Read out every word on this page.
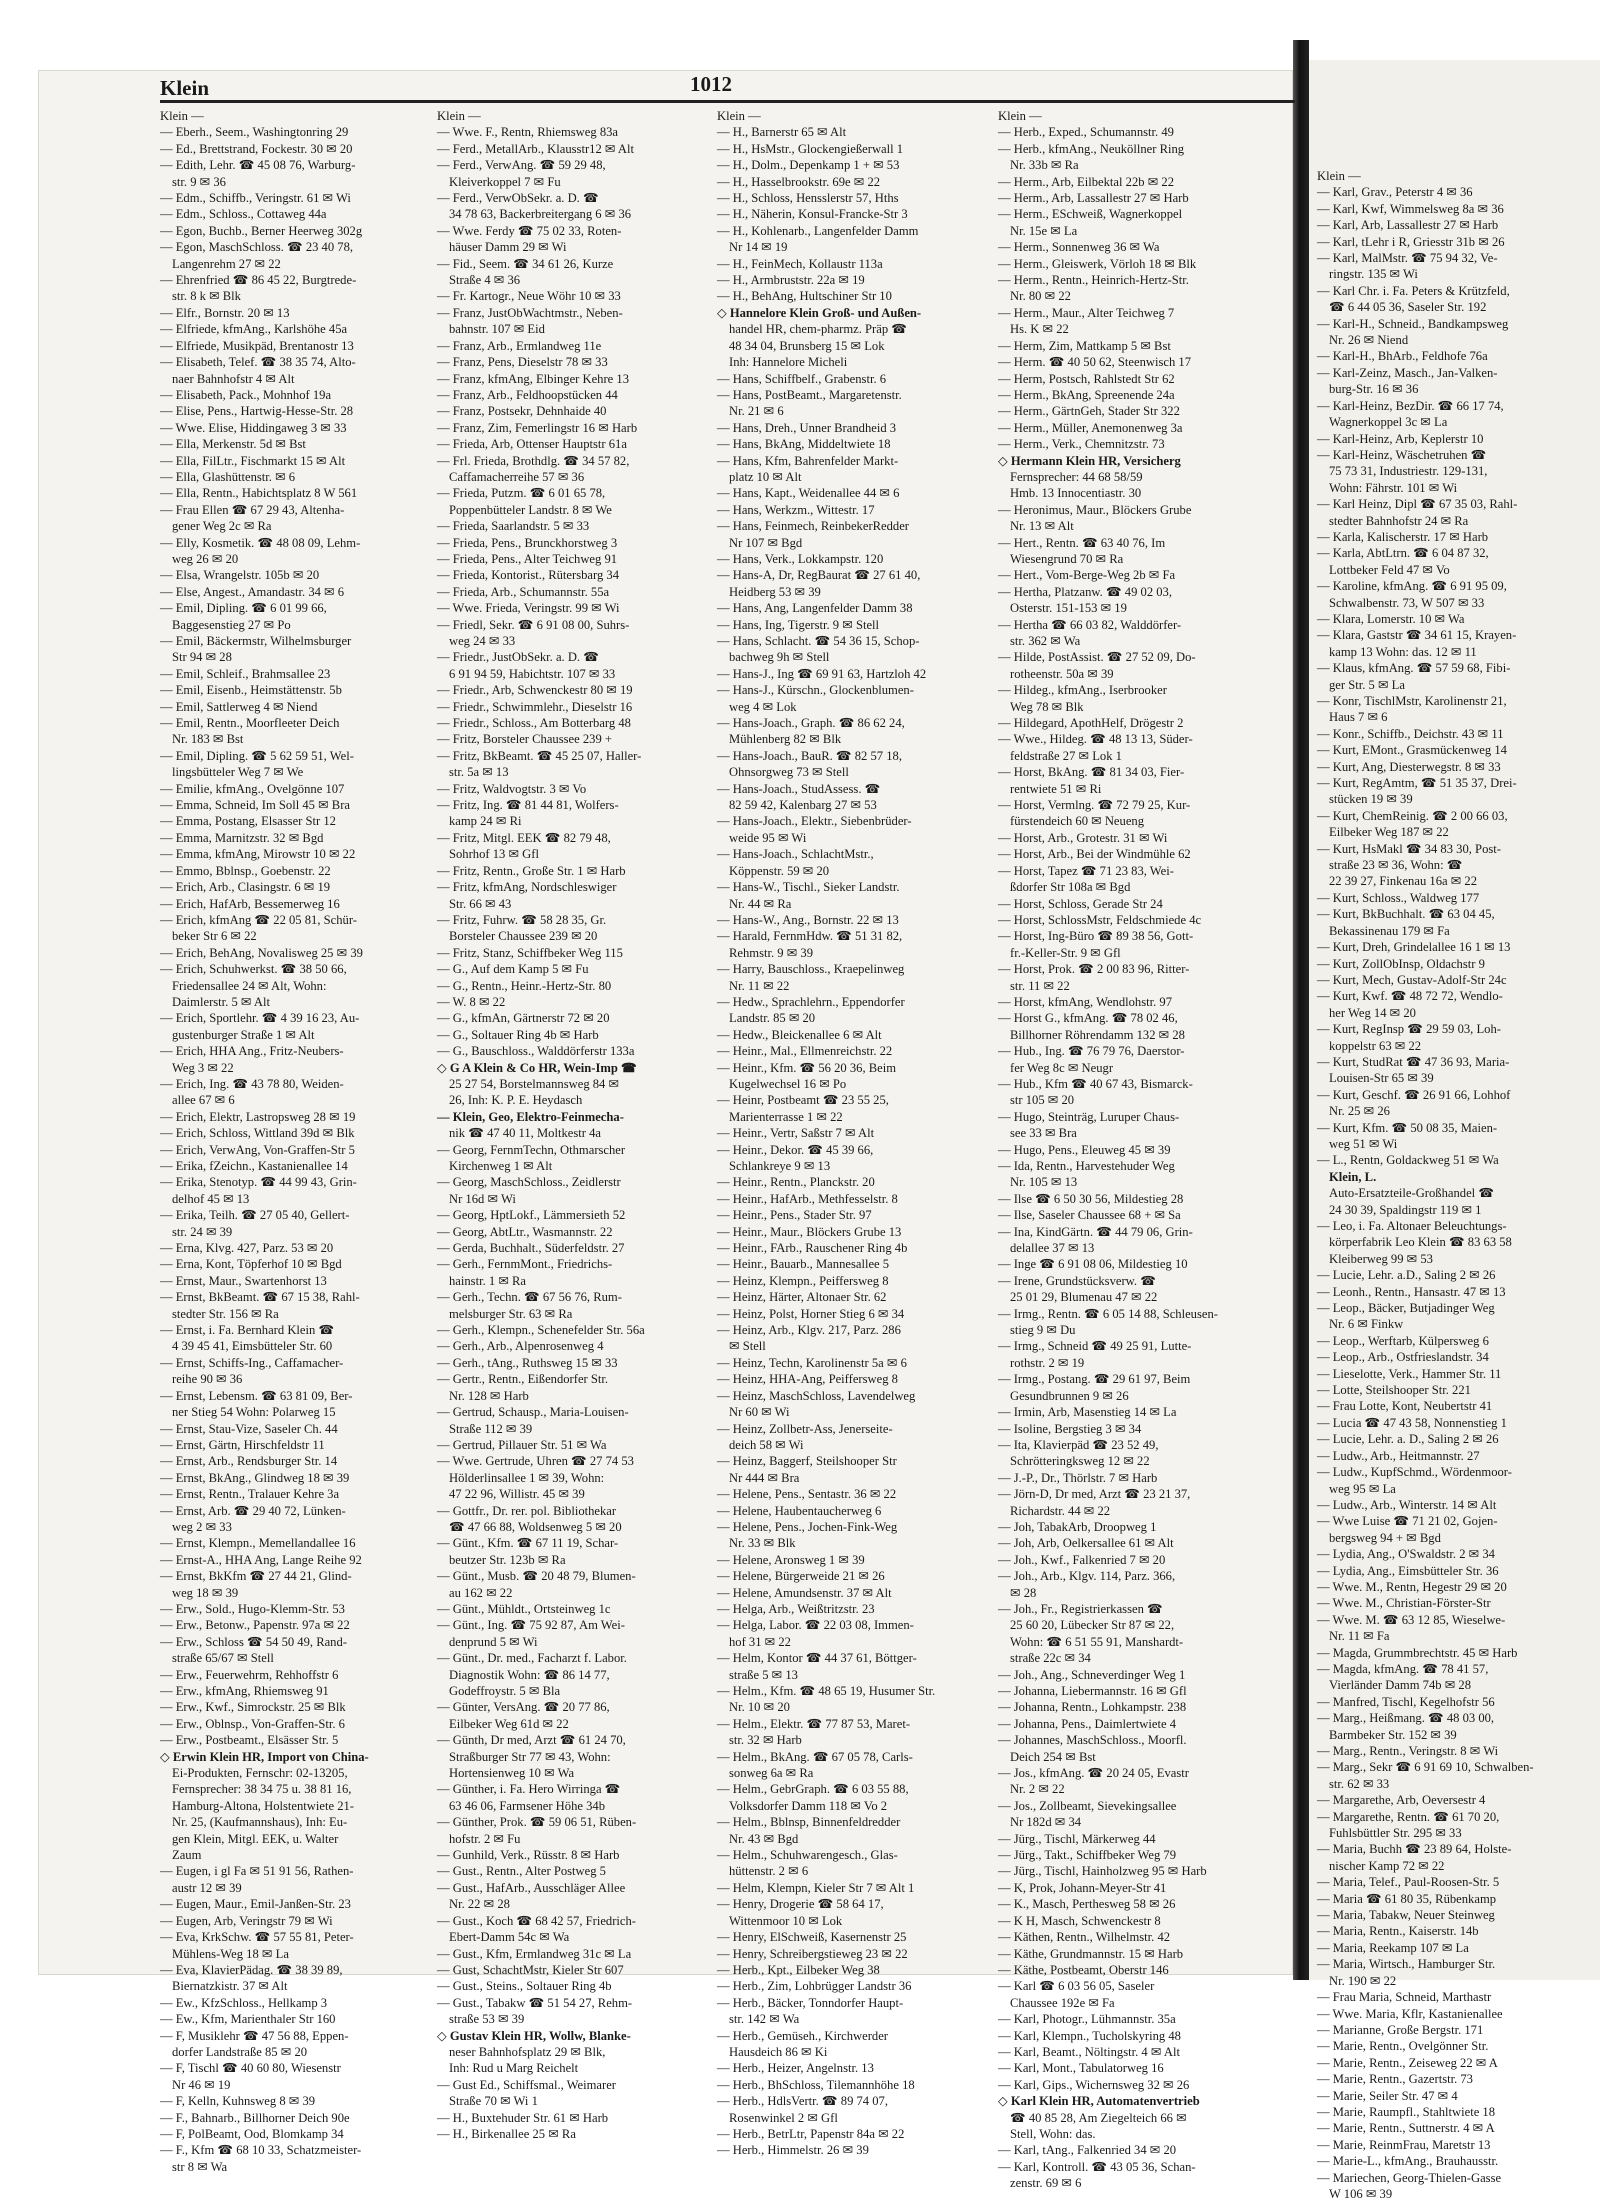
Klein —
— Karl, Grav., Peterstr 4 ✉ 36
— Karl, Kwf, Wimmelsweg 8a ✉ 36
— Karl, Arb, Lassallestr 27 ✉ Harb
— Karl, tLehr i R, Griesstr 31b ✉ 26
— Karl, MalMstr. ☎ 75 94 32, Ve-
ringstr. 135 ✉ Wi
— Karl Chr. i. Fa. Peters & Krützfeld,
☎ 6 44 05 36, Saseler Str. 192
— Karl-H., Schneid., Bandkampsweg
Nr. 26 ✉ Niend
— Karl-H., BhArb., Feldhofe 76a
— Karl-Zeinz, Masch., Jan-Valken-
burg-Str. 16 ✉ 36
— Karl-Heinz, BezDir. ☎ 66 17 74,
Wagnerkoppel 3c ✉ La
— Karl-Heinz, Arb, Keplerstr 10
— Karl-Heinz, Wäschetruhen ☎
75 73 31, Industriestr. 129-131,
Wohn: Fährstr. 101 ✉ Wi
— Karl Heinz, Dipl ☎ 67 35 03, Rahl-
stedter Bahnhofstr 24 ✉ Ra
— Karla, Kalischerstr. 17 ✉ Harb
— Karla, AbtLtrn. ☎ 6 04 87 32,
Lottbeker Feld 47 ✉ Vo
— Karoline, kfmAng. ☎ 6 91 95 09,
Schwalbenstr. 73, W 507 ✉ 33
— Klara, Lomerstr. 10 ✉ Wa
— Klara, Gaststr ☎ 34 61 15, Krayen-
kamp 13 Wohn: das. 12 ✉ 11
— Klaus, kfmAng. ☎ 57 59 68, Fibi-
ger Str. 5 ✉ La
— Konr, TischlMstr, Karolinenstr 21,
Haus 7 ✉ 6
— Konr., Schiffb., Deichstr. 43 ✉ 11
— Kurt, EMont., Grasmückenweg 14
— Kurt, Ang, Diesterwegstr. 8 ✉ 33
— Kurt, RegAmtm, ☎ 51 35 37, Drei-
stücken 19 ✉ 39
— Kurt, ChemReinig. ☎ 2 00 66 03,
Eilbeker Weg 187 ✉ 22
— Kurt, HsMakl ☎ 34 83 30, Post-
straße 23 ✉ 36, Wohn: ☎
22 39 27, Finkenau 16a ✉ 22
— Kurt, Schloss., Waldweg 177
— Kurt, BkBuchhalt. ☎ 63 04 45,
Bekassinenau 179 ✉ Fa
— Kurt, Dreh, Grindelallee 16 1 ✉ 13
— Kurt, ZollObInsp, Oldachstr 9
— Kurt, Mech, Gustav-Adolf-Str 24c
— Kurt, Kwf. ☎ 48 72 72, Wendlo-
her Weg 14 ✉ 20
— Kurt, RegInsp ☎ 29 59 03, Loh-
koppelstr 63 ✉ 22
— Kurt, StudRat ☎ 47 36 93, Maria-
Louisen-Str 65 ✉ 39
— Kurt, Geschf. ☎ 26 91 66, Lohhof
Nr. 25 ✉ 26
— Kurt, Kfm. ☎ 50 08 35, Maien-
weg 51 ✉ Wi
— L., Rentn, Goldackweg 51 ✉ Wa
Klein, L.
Auto-Ersatzteile-Großhandel ☎
24 30 39, Spaldingstr 119 ✉ 1
— Leo, i. Fa. Altonaer Beleuchtungs-
körperfabrik Leo Klein ☎ 83 63 58
Kleiberweg 99 ✉ 53
— Lucie, Lehr. a.D., Saling 2 ✉ 26
— Leonh., Rentn., Hansastr. 47 ✉ 13
— Leop., Bäcker, Butjadinger Weg
Nr. 6 ✉ Finkw
— Leop., Werftarb, Külpersweg 6
— Leop., Arb., Ostfrieslandstr. 34
— Lieselotte, Verk., Hammer Str. 11
— Lotte, Steilshooper Str. 221
— Frau Lotte, Kont, Neubertstr 41
— Lucia ☎ 47 43 58, Nonnenstieg 1
— Lucie, Lehr. a. D., Saling 2 ✉ 26
— Ludw., Arb., Heitmannstr. 27
— Ludw., KupfSchmd., Wördenmoor-
weg 95 ✉ La
— Ludw., Arb., Winterstr. 14 ✉ Alt
— Wwe Luise ☎ 71 21 02, Gojen-
bergsweg 94 + ✉ Bgd
— Lydia, Ang., O'Swaldstr. 2 ✉ 34
— Lydia, Ang., Eimsbütteler Str. 36
— Wwe. M., Rentn, Hegestr 29 ✉ 20
— Wwe. M., Christian-Förster-Str
— Wwe. M. ☎ 63 12 85, Wieselwe-
Nr. 11 ✉ Fa
— Magda, Grummbrechtstr. 45 ✉ Harb
— Magda, kfmAng. ☎ 78 41 57,
Vierländer Damm 74b ✉ 28
— Manfred, Tischl, Kegelhofstr 56
— Marg., Heißmang. ☎ 48 03 00,
Barmbeker Str. 152 ✉ 39
— Marg., Rentn., Veringstr. 8 ✉ Wi
— Marg., Sekr ☎ 6 91 69 10, Schwalben-
str. 62 ✉ 33
— Margarethe, Arb, Oeversestr 4
— Margarethe, Rentn. ☎ 61 70 20,
Fuhlsbüttler Str. 295 ✉ 33
— Maria, Buchh ☎ 23 89 64, Holste-
nischer Kamp 72 ✉ 22
— Maria, Telef., Paul-Roosen-Str. 5
— Maria ☎ 61 80 35, Rübenkamp
— Maria, Tabakw, Neuer Steinweg
— Maria, Rentn., Kaiserstr. 14b
— Maria, Reekamp 107 ✉ La
— Maria, Wirtsch., Hamburger Str.
Nr. 190 ✉ 22
— Frau Maria, Schneid, Marthastr
— Wwe. Maria, Kflr, Kastanienallee
— Marianne, Große Bergstr. 171
— Marie, Rentn., Ovelgönner Str.
— Marie, Rentn., Zeiseweg 22 ✉ A
— Marie, Rentn., Gazertstr. 73
— Marie, Seiler Str. 47 ✉ 4
— Marie, Raumpfl., Stahltwiete 18
— Marie, Rentn., Suttnerstr. 4 ✉ A
— Marie, ReinmFrau, Maretstr 13
— Marie-L., kfmAng., Brauhausstr.
— Mariechen, Georg-Thielen-Gasse
W 106 ✉ 39
Klein	1012
Klein —
— Eberh., Seem., Washingtonring 29
— Ed., Brettstrand, Fockestr. 30 ✉ 20
— Edith, Lehr. ☎ 45 08 76, Warburg-
str. 9 ✉ 36
— Edm., Schiffb., Veringstr. 61 ✉ Wi
— Edm., Schloss., Cottaweg 44a
— Egon, Buchb., Berner Heerweg 302g
— Egon, MaschSchloss. ☎ 23 40 78,
Langenrehm 27 ✉ 22
— Ehrenfried ☎ 86 45 22, Burgtrede-
str. 8 k ✉ Blk
— Elfr., Bornstr. 20 ✉ 13
— Elfriede, kfmAng., Karlshöhe 45a
— Elfriede, Musikpäd, Brentanostr 13
— Elisabeth, Telef. ☎ 38 35 74, Alto-
naer Bahnhofstr 4 ✉ Alt
— Elisabeth, Pack., Mohnhof 19a
— Elise, Pens., Hartwig-Hesse-Str. 28
— Wwe. Elise, Hiddingaweg 3 ✉ 33
— Ella, Merkenstr. 5d ✉ Bst
— Ella, FilLtr., Fischmarkt 15 ✉ Alt
— Ella, Glashüttenstr. ✉ 6
— Ella, Rentn., Habichtsplatz 8 W 561
— Frau Ellen ☎ 67 29 43, Altenha-
gener Weg 2c ✉ Ra
— Elly, Kosmetik. ☎ 48 08 09, Lehm-
weg 26 ✉ 20
— Elsa, Wrangelstr. 105b ✉ 20
— Else, Angest., Amandastr. 34 ✉ 6
— Emil, Dipling. ☎ 6 01 99 66,
Baggesenstieg 27 ✉ Po
— Emil, Bäckermstr, Wilhelmsburger
Str 94 ✉ 28
— Emil, Schleif., Brahmsallee 23
— Emil, Eisenb., Heimstättenstr. 5b
— Emil, Sattlerweg 4 ✉ Niend
— Emil, Rentn., Moorfleeter Deich
Nr. 183 ✉ Bst
— Emil, Dipling. ☎ 5 62 59 51, Wel-
lingsbütteler Weg 7 ✉ We
— Emilie, kfmAng., Ovelgönne 107
— Emma, Schneid, Im Soll 45 ✉ Bra
— Emma, Postang, Elsasser Str 12
— Emma, Marnitzstr. 32 ✉ Bgd
— Emma, kfmAng, Mirowstr 10 ✉ 22
— Emmo, Bblnsp., Goebenstr. 22
— Erich, Arb., Clasingstr. 6 ✉ 19
— Erich, HafArb, Bessemerweg 16
— Erich, kfmAng ☎ 22 05 81, Schür-
beker Str 6 ✉ 22
— Erich, BehAng, Novalisweg 25 ✉ 39
— Erich, Schuhwerkst. ☎ 38 50 66,
Friedensallee 24 ✉ Alt, Wohn:
Daimlerstr. 5 ✉ Alt
— Erich, Sportlehr. ☎ 4 39 16 23, Au-
gustenburger Straße 1 ✉ Alt
— Erich, HHA Ang., Fritz-Neubers-
Weg 3 ✉ 22
— Erich, Ing. ☎ 43 78 80, Weiden-
allee 67 ✉ 6
— Erich, Elektr, Lastropsweg 28 ✉ 19
— Erich, Schloss, Wittland 39d ✉ Blk
— Erich, VerwAng, Von-Graffen-Str 5
— Erika, fZeichn., Kastanienallee 14
— Erika, Stenotyp. ☎ 44 99 43, Grin-
delhof 45 ✉ 13
— Erika, Teilh. ☎ 27 05 40, Gellert-
str. 24 ✉ 39
— Erna, Klvg. 427, Parz. 53 ✉ 20
— Erna, Kont, Töpferhof 10 ✉ Bgd
— Ernst, Maur., Swartenhorst 13
— Ernst, BkBeamt. ☎ 67 15 38, Rahl-
stedter Str. 156 ✉ Ra
— Ernst, i. Fa. Bernhard Klein ☎
4 39 45 41, Eimsbütteler Str. 60
— Ernst, Schiffs-Ing., Caffamacher-
reihe 90 ✉ 36
— Ernst, Lebensm. ☎ 63 81 09, Ber-
ner Stieg 54 Wohn: Polarweg 15
— Ernst, Stau-Vize, Saseler Ch. 44
— Ernst, Gärtn, Hirschfeldstr 11
— Ernst, Arb., Rendsburger Str. 14
— Ernst, BkAng., Glindweg 18 ✉ 39
— Ernst, Rentn., Tralauer Kehre 3a
— Ernst, Arb. ☎ 29 40 72, Lünken-
weg 2 ✉ 33
— Ernst, Klempn., Memellandallee 16
— Ernst-A., HHA Ang, Lange Reihe 92
— Ernst, BkKfm ☎ 27 44 21, Glind-
weg 18 ✉ 39
— Erw., Sold., Hugo-Klemm-Str. 53
— Erw., Betonw., Papenstr. 97a ✉ 22
— Erw., Schloss ☎ 54 50 49, Rand-
straße 65/67 ✉ Stell
— Erw., Feuerwehrm, Rehhoffstr 6
— Erw., kfmAng, Rhiemsweg 91
— Erw., Kwf., Simrockstr. 25 ✉ Blk
— Erw., Oblnsp., Von-Graffen-Str. 6
— Erw., Postbeamt., Elsässer Str. 5
◇ Erwin Klein HR, Import von China-
Ei-Produkten, Fernschr: 02-13205,
Fernsprecher: 38 34 75 u. 38 81 16,
Hamburg-Altona, Holstentwiete 21-
Nr. 25, (Kaufmannshaus), Inh: Eu-
gen Klein, Mitgl. EEK, u. Walter
Zaum
— Eugen, i gl Fa ✉ 51 91 56, Rathen-
austr 12 ✉ 39
— Eugen, Maur., Emil-Janßen-Str. 23
— Eugen, Arb, Veringstr 79 ✉ Wi
— Eva, KrkSchw. ☎ 57 55 81, Peter-
Mühlens-Weg 18 ✉ La
— Eva, KlavierPädag. ☎ 38 39 89,
Biernatzkistr. 37 ✉ Alt
— Ew., KfzSchloss., Hellkamp 3
— Ew., Kfm, Marienthaler Str 160
— F, Musiklehr ☎ 47 56 88, Eppen-
dorfer Landstraße 85 ✉ 20
— F, Tischl ☎ 40 60 80, Wiesenstr
Nr 46 ✉ 19
— F, Kelln, Kuhnsweg 8 ✉ 39
— F., Bahnarb., Billhorner Deich 90e
— F, PolBeamt, Ood, Blomkamp 34
— F., Kfm ☎ 68 10 33, Schatzmeister-
str 8 ✉ Wa
Klein —
— Wwe. F., Rentn, Rhiemsweg 83a
— Ferd., MetallArb., Klausstr12 ✉ Alt
— Ferd., VerwAng. ☎ 59 29 48,
Kleiverkoppel 7 ✉ Fu
— Ferd., VerwObSekr. a. D. ☎
34 78 63, Backerbreitergang 6 ✉ 36
— Wwe. Ferdy ☎ 75 02 33, Roten-
häuser Damm 29 ✉ Wi
— Fid., Seem. ☎ 34 61 26, Kurze
Straße 4 ✉ 36
— Fr. Kartogr., Neue Wöhr 10 ✉ 33
— Franz, JustObWachtmstr., Neben-
bahnstr. 107 ✉ Eid
— Franz, Arb., Ermlandweg 11e
— Franz, Pens, Dieselstr 78 ✉ 33
— Franz, kfmAng, Elbinger Kehre 13
— Franz, Arb., Feldhoopstücken 44
— Franz, Postsekr, Dehnhaide 40
— Franz, Zim, Femerlingstr 16 ✉ Harb
— Frieda, Arb, Ottenser Hauptstr 61a
— Frl. Frieda, Brothdlg. ☎ 34 57 82,
Caffamacherreihe 57 ✉ 36
— Frieda, Putzm. ☎ 6 01 65 78,
Poppenbütteler Landstr. 8 ✉ We
— Frieda, Saarlandstr. 5 ✉ 33
— Frieda, Pens., Brunckhorstweg 3
— Frieda, Pens., Alter Teichweg 91
— Frieda, Kontorist., Rütersbarg 34
— Frieda, Arb., Schumannstr. 55a
— Wwe. Frieda, Veringstr. 99 ✉ Wi
— Friedl, Sekr. ☎ 6 91 08 00, Suhrs-
weg 24 ✉ 33
— Friedr., JustObSekr. a. D. ☎
6 91 94 59, Habichtstr. 107 ✉ 33
— Friedr., Arb, Schwenckestr 80 ✉ 19
— Friedr., Schwimmlehr., Dieselstr 16
— Friedr., Schloss., Am Botterbarg 48
— Fritz, Borsteler Chaussee 239 +
— Fritz, BkBeamt. ☎ 45 25 07, Haller-
str. 5a ✉ 13
— Fritz, Waldvogtstr. 3 ✉ Vo
— Fritz, Ing. ☎ 81 44 81, Wolfers-
kamp 24 ✉ Ri
— Fritz, Mitgl. EEK ☎ 82 79 48,
Sohrhof 13 ✉ Gfl
— Fritz, Rentn., Große Str. 1 ✉ Harb
— Fritz, kfmAng, Nordschleswiger
Str. 66 ✉ 43
— Fritz, Fuhrw. ☎ 58 28 35, Gr.
Borsteler Chaussee 239 ✉ 20
— Fritz, Stanz, Schiffbeker Weg 115
— G., Auf dem Kamp 5 ✉ Fu
— G., Rentn., Heinr.-Hertz-Str. 80
— W. 8 ✉ 22
— G., kfmAn, Gärtnerstr 72 ✉ 20
— G., Soltauer Ring 4b ✉ Harb
— G., Bauschloss., Walddörferstr 133a
◇ G A Klein & Co HR, Wein-Imp ☎
25 27 54, Borstelmannsweg 84 ✉
26, Inh: K. P. E. Heydasch
— Klein, Geo, Elektro-Feinmecha-
nik ☎ 47 40 11, Moltkestr 4a
— Georg, FernmTechn, Othmarscher
Kirchenweg 1 ✉ Alt
— Georg, MaschSchloss., Zeidlerstr
Nr 16d ✉ Wi
— Georg, HptLokf., Lämmersieth 52
— Georg, AbtLtr., Wasmannstr. 22
— Gerda, Buchhalt., Süderfeldstr. 27
— Gerh., FernmMont., Friedrichs-
hainstr. 1 ✉ Ra
— Gerh., Techn. ☎ 67 56 76, Rum-
melsburger Str. 63 ✉ Ra
— Gerh., Klempn., Schenefelder Str. 56a
— Gerh., Arb., Alpenrosenweg 4
— Gerh., tAng., Ruthsweg 15 ✉ 33
— Gertr., Rentn., Eißendorfer Str.
Nr. 128 ✉ Harb
— Gertrud, Schausp., Maria-Louisen-
Straße 112 ✉ 39
— Gertrud, Pillauer Str. 51 ✉ Wa
— Wwe. Gertrude, Uhren ☎ 27 74 53
Hölderlinsallee 1 ✉ 39, Wohn:
47 22 96, Willistr. 45 ✉ 39
— Gottfr., Dr. rer. pol. Bibliothekar
☎ 47 66 88, Woldsenweg 5 ✉ 20
— Günt., Kfm. ☎ 67 11 19, Schar-
beutzer Str. 123b ✉ Ra
— Günt., Musb. ☎ 20 48 79, Blumen-
au 162 ✉ 22
— Günt., Mühldt., Ortsteinweg 1c
— Günt., Ing. ☎ 75 92 87, Am Wei-
denprund 5 ✉ Wi
— Günt., Dr. med., Facharzt f. Labor.
Diagnostik Wohn: ☎ 86 14 77,
Godeffroystr. 5 ✉ Bla
— Günter, VersAng. ☎ 20 77 86,
Eilbeker Weg 61d ✉ 22
— Günth, Dr med, Arzt ☎ 61 24 70,
Straßburger Str 77 ✉ 43, Wohn:
Hortensienweg 10 ✉ Wa
— Günther, i. Fa. Hero Wirringa ☎
63 46 06, Farmsener Höhe 34b
— Günther, Prok. ☎ 59 06 51, Rüben-
hofstr. 2 ✉ Fu
— Gunhild, Verk., Rüsstr. 8 ✉ Harb
— Gust., Rentn., Alter Postweg 5
— Gust., HafArb., Ausschläger Allee
Nr. 22 ✉ 28
— Gust., Koch ☎ 68 42 57, Friedrich-
Ebert-Damm 54c ✉ Wa
— Gust., Kfm, Ermlandweg 31c ✉ La
— Gust, SchachtMstr, Kieler Str 607
— Gust., Steins., Soltauer Ring 4b
— Gust., Tabakw ☎ 51 54 27, Rehm-
straße 53 ✉ 39
◇ Gustav Klein HR, Wollw, Blanke-
neser Bahnhofsplatz 29 ✉ Blk,
Inh: Rud u Marg Reichelt
— Gust Ed., Schiffsmal., Weimarer
Straße 70 ✉ Wi 1
— H., Buxtehuder Str. 61 ✉ Harb
— H., Birkenallee 25 ✉ Ra
Klein —
— H., Barnerstr 65 ✉ Alt
— H., HsMstr., Glockengießerwall 1
— H., Dolm., Depenkamp 1 + ✉ 53
— H., Hasselbrookstr. 69e ✉ 22
— H., Schloss, Hensslerstr 57, Hths
— H., Näherin, Konsul-Francke-Str 3
— H., Kohlenarb., Langenfelder Damm
Nr 14 ✉ 19
— H., FeinMech, Kollaustr 113a
— H., Armbruststr. 22a ✉ 19
— H., BehAng, Hultschiner Str 10
◇ Hannelore Klein Groß- und Außen-
handel HR, chem-pharmz. Präp ☎
48 34 04, Brunsberg 15 ✉ Lok
Inh: Hannelore Micheli
— Hans, Schiffbelf., Grabenstr. 6
— Hans, PostBeamt., Margaretenstr.
Nr. 21 ✉ 6
— Hans, Dreh., Unner Brandheid 3
— Hans, BkAng, Middeltwiete 18
— Hans, Kfm, Bahrenfelder Markt-
platz 10 ✉ Alt
— Hans, Kapt., Weidenallee 44 ✉ 6
— Hans, Werkzm., Wittestr. 17
— Hans, Feinmech, ReinbekerRedder
Nr 107 ✉ Bgd
— Hans, Verk., Lokkampstr. 120
— Hans-A, Dr, RegBaurat ☎ 27 61 40,
Heidberg 53 ✉ 39
— Hans, Ang, Langenfelder Damm 38
— Hans, Ing, Tigerstr. 9 ✉ Stell
— Hans, Schlacht. ☎ 54 36 15, Schop-
bachweg 9h ✉ Stell
— Hans-J., Ing ☎ 69 91 63, Hartzloh 42
— Hans-J., Kürschn., Glockenblumen-
weg 4 ✉ Lok
— Hans-Joach., Graph. ☎ 86 62 24,
Mühlenberg 82 ✉ Blk
— Hans-Joach., BauR. ☎ 82 57 18,
Ohnsorgweg 73 ✉ Stell
— Hans-Joach., StudAssess. ☎
82 59 42, Kalenbarg 27 ✉ 53
— Hans-Joach., Elektr., Siebenbrüder-
weide 95 ✉ Wi
— Hans-Joach., SchlachtMstr.,
Köppenstr. 59 ✉ 20
— Hans-W., Tischl., Sieker Landstr.
Nr. 44 ✉ Ra
— Hans-W., Ang., Bornstr. 22 ✉ 13
— Harald, FernmHdw. ☎ 51 31 82,
Rehmstr. 9 ✉ 39
— Harry, Bauschloss., Kraepelinweg
Nr. 11 ✉ 22
— Hedw., Sprachlehrn., Eppendorfer
Landstr. 85 ✉ 20
— Hedw., Bleickenallee 6 ✉ Alt
— Heinr., Mal., Ellmenreichstr. 22
— Heinr., Kfm. ☎ 56 20 36, Beim
Kugelwechsel 16 ✉ Po
— Heinr, Postbeamt ☎ 23 55 25,
Marienterrasse 1 ✉ 22
— Heinr., Vertr, Saßstr 7 ✉ Alt
— Heinr., Dekor. ☎ 45 39 66,
Schlankreye 9 ✉ 13
— Heinr., Rentn., Planckstr. 20
— Heinr., HafArb., Methfesselstr. 8
— Heinr., Pens., Stader Str. 97
— Heinr., Maur., Blöckers Grube 13
— Heinr., FArb., Rauschener Ring 4b
— Heinr., Bauarb., Mannesallee 5
— Heinz, Klempn., Peiffersweg 8
— Heinz, Härter, Altonaer Str. 62
— Heinz, Polst, Horner Stieg 6 ✉ 34
— Heinz, Arb., Klgv. 217, Parz. 286
✉ Stell
— Heinz, Techn, Karolinenstr 5a ✉ 6
— Heinz, HHA-Ang, Peiffersweg 8
— Heinz, MaschSchloss, Lavendelweg
Nr 60 ✉ Wi
— Heinz, Zollbetr-Ass, Jenerseite-
deich 58 ✉ Wi
— Heinz, Baggerf, Steilshooper Str
Nr 444 ✉ Bra
— Helene, Pens., Sentastr. 36 ✉ 22
— Helene, Haubentaucherweg 6
— Helene, Pens., Jochen-Fink-Weg
Nr. 33 ✉ Blk
— Helene, Aronsweg 1 ✉ 39
— Helene, Bürgerweide 21 ✉ 26
— Helene, Amundsenstr. 37 ✉ Alt
— Helga, Arb., Weißtritzstr. 23
— Helga, Labor. ☎ 22 03 08, Immen-
hof 31 ✉ 22
— Helm, Kontor ☎ 44 37 61, Böttger-
straße 5 ✉ 13
— Helm., Kfm. ☎ 48 65 19, Husumer Str.
Nr. 10 ✉ 20
— Helm., Elektr. ☎ 77 87 53, Maret-
str. 32 ✉ Harb
— Helm., BkAng. ☎ 67 05 78, Carls-
sonweg 6a ✉ Ra
— Helm., GebrGraph. ☎ 6 03 55 88,
Volksdorfer Damm 118 ✉ Vo 2
— Helm., Bblnsp, Binnenfeldredder
Nr. 43 ✉ Bgd
— Helm., Schuhwarengesch., Glas-
hüttenstr. 2 ✉ 6
— Helm, Klempn, Kieler Str 7 ✉ Alt 1
— Henry, Drogerie ☎ 58 64 17,
Wittenmoor 10 ✉ Lok
— Henry, ElSchweiß, Kasernenstr 25
— Henry, Schreibergstieweg 23 ✉ 22
— Herb., Kpt., Eilbeker Weg 38
— Herb., Zim, Lohbrügger Landstr 36
— Herb., Bäcker, Tonndorfer Haupt-
str. 142 ✉ Wa
— Herb., Gemüseh., Kirchwerder
Hausdeich 86 ✉ Ki
— Herb., Heizer, Angelnstr. 13
— Herb., BhSchloss, Tilemannhöhe 18
— Herb., HdlsVertr. ☎ 89 74 07,
Rosenwinkel 2 ✉ Gfl
— Herb., BetrLtr, Papenstr 84a ✉ 22
— Herb., Himmelstr. 26 ✉ 39
Klein —
— Herb., Exped., Schumannstr. 49
— Herb., kfmAng., Neuköllner Ring
Nr. 33b ✉ Ra
— Herm., Arb, Eilbektal 22b ✉ 22
— Herm., Arb, Lassallestr 27 ✉ Harb
— Herm., ESchweiß, Wagnerkoppel
Nr. 15e ✉ La
— Herm., Sonnenweg 36 ✉ Wa
— Herm., Gleiswerk, Vörloh 18 ✉ Blk
— Herm., Rentn., Heinrich-Hertz-Str.
Nr. 80 ✉ 22
— Herm., Maur., Alter Teichweg 7
Hs. K ✉ 22
— Herm, Zim, Mattkamp 5 ✉ Bst
— Herm. ☎ 40 50 62, Steenwisch 17
— Herm, Postsch, Rahlstedt Str 62
— Herm., BkAng, Spreenende 24a
— Herm., GärtnGeh, Stader Str 322
— Herm., Müller, Anemonenweg 3a
— Herm., Verk., Chemnitzstr. 73
◇ Hermann Klein HR, Versicherg
Fernsprecher: 44 68 58/59
Hmb. 13 Innocentiastr. 30
— Heronimus, Maur., Blöckers Grube
Nr. 13 ✉ Alt
— Hert., Rentn. ☎ 63 40 76, Im
Wiesengrund 70 ✉ Ra
— Hert., Vom-Berge-Weg 2b ✉ Fa
— Hertha, Platzanw. ☎ 49 02 03,
Osterstr. 151-153 ✉ 19
— Hertha ☎ 66 03 82, Walddörfer-
str. 362 ✉ Wa
— Hilde, PostAssist. ☎ 27 52 09, Do-
rotheenstr. 50a ✉ 39
— Hildeg., kfmAng., Iserbrooker
Weg 78 ✉ Blk
— Hildegard, ApothHelf, Drögestr 2
— Wwe., Hildeg. ☎ 48 13 13, Süder-
feldstraße 27 ✉ Lok 1
— Horst, BkAng. ☎ 81 34 03, Fier-
rentwiete 51 ✉ Ri
— Horst, Vermlng. ☎ 72 79 25, Kur-
fürstendeich 60 ✉ Neueng
— Horst, Arb., Grotestr. 31 ✉ Wi
— Horst, Arb., Bei der Windmühle 62
— Horst, Tapez ☎ 71 23 83, Wei-
ßdorfer Str 108a ✉ Bgd
— Horst, Schloss, Gerade Str 24
— Horst, SchlossMstr, Feldschmiede 4c
— Horst, Ing-Büro ☎ 89 38 56, Gott-
fr.-Keller-Str. 9 ✉ Gfl
— Horst, Prok. ☎ 2 00 83 96, Ritter-
str. 11 ✉ 22
— Horst, kfmAng, Wendlohstr. 97
— Horst G., kfmAng. ☎ 78 02 46,
Billhorner Röhrendamm 132 ✉ 28
— Hub., Ing. ☎ 76 79 76, Daerstor-
fer Weg 8c ✉ Neugr
— Hub., Kfm ☎ 40 67 43, Bismarck-
str 105 ✉ 20
— Hugo, Steinträg, Luruper Chaus-
see 33 ✉ Bra
— Hugo, Pens., Eleuweg 45 ✉ 39
— Ida, Rentn., Harvestehuder Weg
Nr. 105 ✉ 13
— Ilse ☎ 6 50 30 56, Mildestieg 28
— Ilse, Saseler Chaussee 68 + ✉ Sa
— Ina, KindGärtn. ☎ 44 79 06, Grin-
delallee 37 ✉ 13
— Inge ☎ 6 91 08 06, Mildestieg 10
— Irene, Grundstücksverw. ☎
25 01 29, Blumenau 47 ✉ 22
— Irmg., Rentn. ☎ 6 05 14 88, Schleusen-
stieg 9 ✉ Du
— Irmg., Schneid ☎ 49 25 91, Lutte-
rothstr. 2 ✉ 19
— Irmg., Postang. ☎ 29 61 97, Beim
Gesundbrunnen 9 ✉ 26
— Irmin, Arb, Masenstieg 14 ✉ La
— Isoline, Bergstieg 3 ✉ 34
— Ita, Klavierpäd ☎ 23 52 49,
Schrötteringksweg 12 ✉ 22
— J.-P., Dr., Thörlstr. 7 ✉ Harb
— Jörn-D, Dr med, Arzt ☎ 23 21 37,
Richardstr. 44 ✉ 22
— Joh, TabakArb, Droopweg 1
— Joh, Arb, Oelkersallee 61 ✉ Alt
— Joh., Kwf., Falkenried 7 ✉ 20
— Joh., Arb., Klgv. 114, Parz. 366,
✉ 28
— Joh., Fr., Registrierkassen ☎
25 60 20, Lübecker Str 87 ✉ 22,
Wohn: ☎ 6 51 55 91, Manshardt-
straße 22c ✉ 34
— Joh., Ang., Schneverdinger Weg 1
— Johanna, Liebermannstr. 16 ✉ Gfl
— Johanna, Rentn., Lohkampstr. 238
— Johanna, Pens., Daimlertwiete 4
— Johannes, MaschSchloss., Moorfl.
Deich 254 ✉ Bst
— Jos., kfmAng. ☎ 20 24 05, Evastr
Nr. 2 ✉ 22
— Jos., Zollbeamt, Sievekingsallee
Nr 182d ✉ 34
— Jürg., Tischl, Märkerweg 44
— Jürg., Takt., Schiffbeker Weg 79
— Jürg., Tischl, Hainholzweg 95 ✉ Harb
— K, Prok, Johann-Meyer-Str 41
— K., Masch, Perthesweg 58 ✉ 26
— K H, Masch, Schwenckestr 8
— Käthen, Rentn., Wilhelmstr. 42
— Käthe, Grundmannstr. 15 ✉ Harb
— Käthe, Postbeamt, Oberstr 146
— Karl ☎ 6 03 56 05, Saseler
Chaussee 192e ✉ Fa
— Karl, Photogr., Lühmannstr. 35a
— Karl, Klempn., Tucholskyring 48
— Karl, Beamt., Nöltingstr. 4 ✉ Alt
— Karl, Mont., Tabulatorweg 16
— Karl, Gips., Wichernsweg 32 ✉ 26
◇ Karl Klein HR, Automatenvertrieb
☎ 40 85 28, Am Ziegelteich 66 ✉
Stell, Wohn: das.
— Karl, tAng., Falkenried 34 ✉ 20
— Karl, Kontroll. ☎ 43 05 36, Schan-
zenstr. 69 ✉ 6
